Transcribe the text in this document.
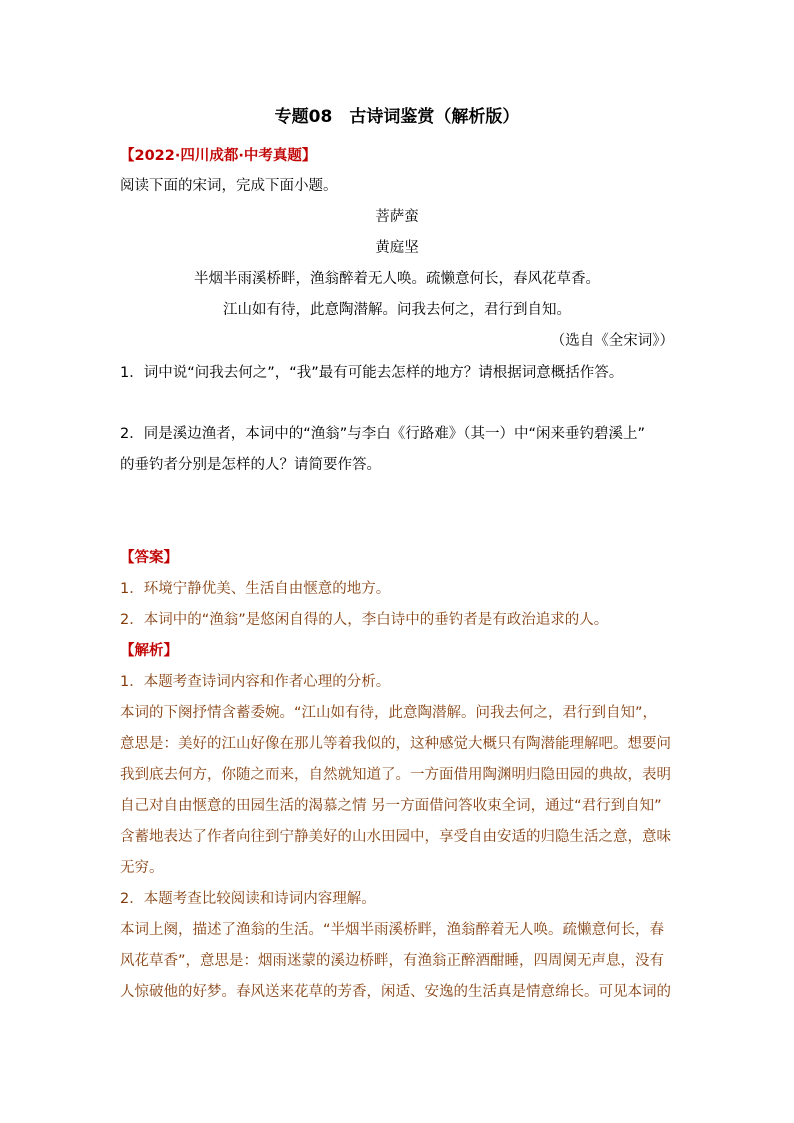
专题08　古诗词鉴赏（解析版）

【2022·四川成都·中考真题】

阅读下面的宋词，完成下面小题。

菩萨蛮

黄庭坚

半烟半雨溪桥畔，渔翁醉着无人唤。疏懒意何长，春风花草香。

江山如有待，此意陶潜解。问我去何之，君行到自知。

（选自《全宋词》）

1．词中说“问我去何之”，“我”最有可能去怎样的地方？请根据词意概括作答。

2．同是溪边渔者，本词中的“渔翁”与李白《行路难》（其一）中“闲来垂钓碧溪上”

的垂钓者分别是怎样的人？请简要作答。

【答案】

1．环境宁静优美、生活自由惬意的地方。

2．本词中的“渔翁”是悠闲自得的人，李白诗中的垂钓者是有政治追求的人。

【解析】

1．本题考查诗词内容和作者心理的分析。

本词的下阕抒情含蓄委婉。“江山如有待，此意陶潜解。问我去何之，君行到自知”，

意思是：美好的江山好像在那儿等着我似的，这种感觉大概只有陶潜能理解吧。想要问

我到底去何方，你随之而来，自然就知道了。一方面借用陶渊明归隐田园的典故，表明

自己对自由惬意的田园生活的渴慕之情 另一方面借问答收束全词，通过“君行到自知”

含蓄地表达了作者向往到宁静美好的山水田园中，享受自由安适的归隐生活之意，意味

无穷。

2．本题考查比较阅读和诗词内容理解。

本词上阕，描述了渔翁的生活。“半烟半雨溪桥畔，渔翁醉着无人唤。疏懒意何长，春

风花草香”，意思是：烟雨迷蒙的溪边桥畔，有渔翁正醉酒酣睡，四周阒无声息，没有

人惊破他的好梦。春风送来花草的芳香，闲适、安逸的生活真是情意绵长。可见本词的
